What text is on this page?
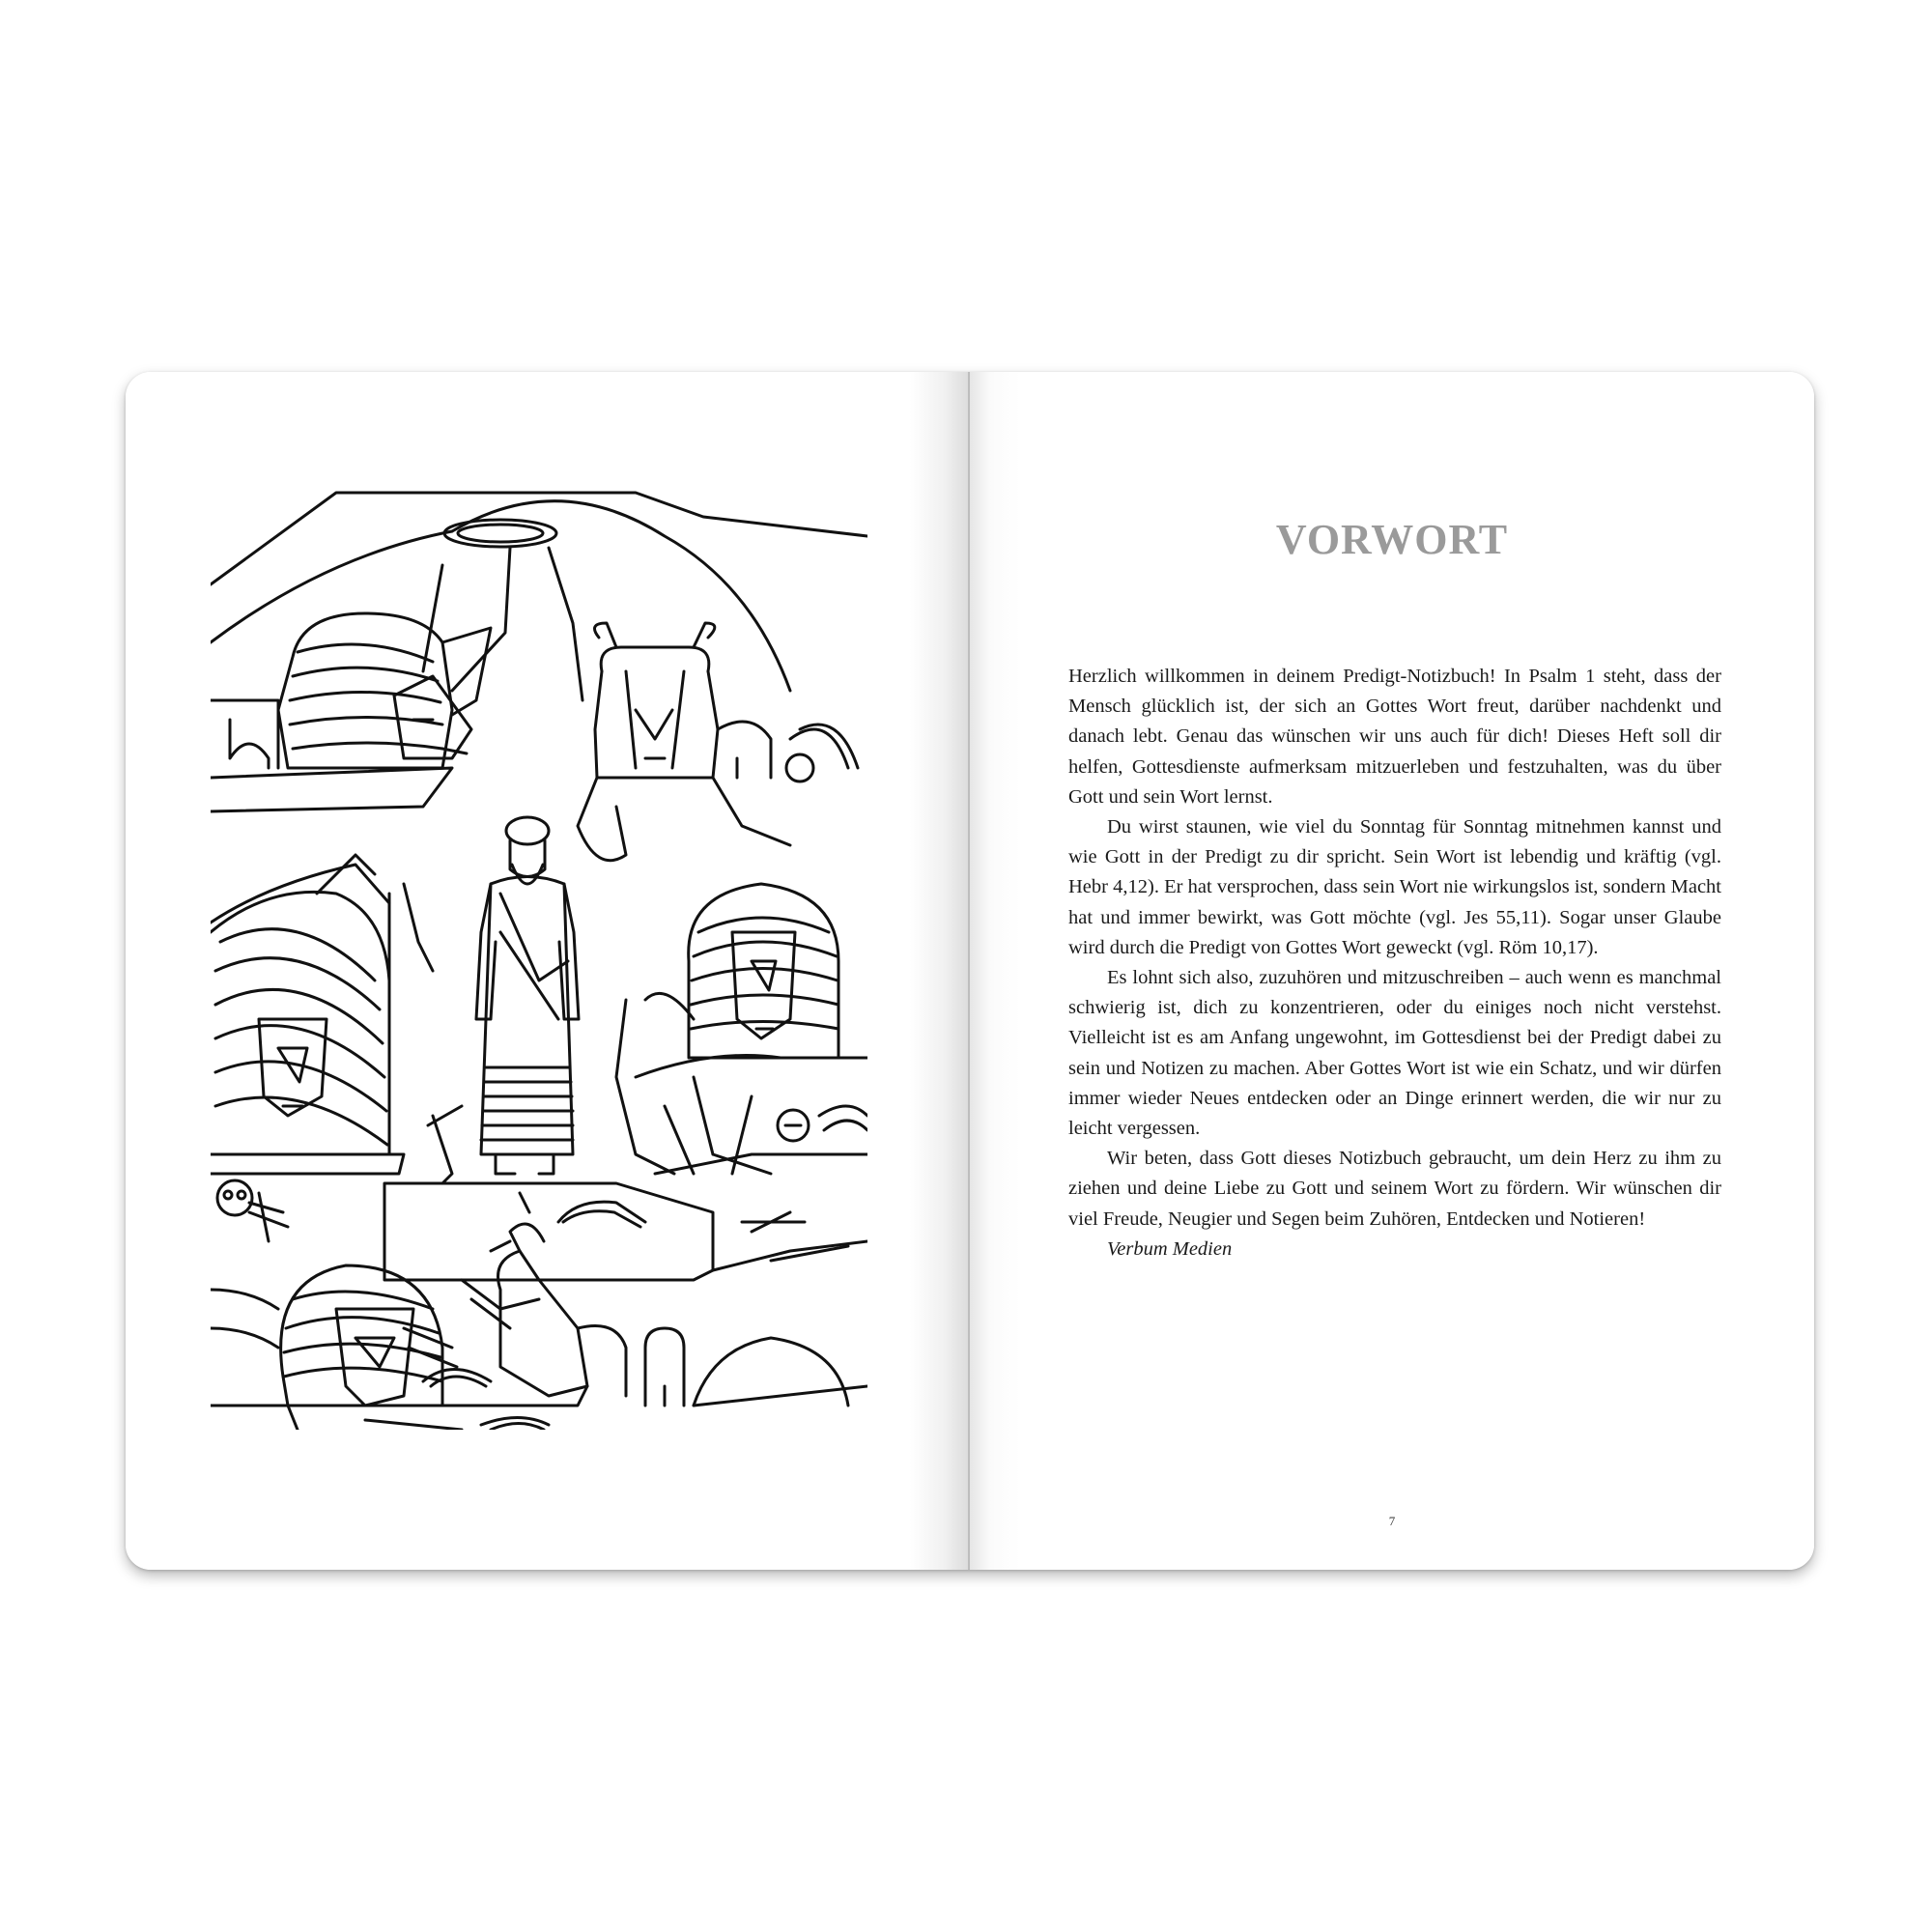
VORWORT

Herzlich willkommen in deinem Predigt-Notizbuch! In Psalm 1 steht, dass der Mensch glücklich ist, der sich an Gottes Wort freut, darüber nachdenkt und danach lebt. Genau das wünschen wir uns auch für dich! Dieses Heft soll dir helfen, Gottesdienste aufmerksam mitzuerleben und festzuhalten, was du über Gott und sein Wort lernst.

Du wirst staunen, wie viel du Sonntag für Sonntag mitnehmen kannst und wie Gott in der Predigt zu dir spricht. Sein Wort ist lebendig und kräftig (vgl. Hebr 4,12). Er hat versprochen, dass sein Wort nie wirkungslos ist, sondern Macht hat und immer bewirkt, was Gott möchte (vgl. Jes 55,11). Sogar unser Glaube wird durch die Predigt von Gottes Wort geweckt (vgl. Röm 10,17).

Es lohnt sich also, zuzuhören und mitzuschreiben – auch wenn es manchmal schwierig ist, dich zu konzentrieren, oder du einiges noch nicht verstehst. Vielleicht ist es am Anfang ungewohnt, im Gottesdienst bei der Predigt dabei zu sein und Notizen zu machen. Aber Gottes Wort ist wie ein Schatz, und wir dürfen immer wieder Neues entdecken oder an Dinge erinnert werden, die wir nur zu leicht vergessen.

Wir beten, dass Gott dieses Notizbuch gebraucht, um dein Herz zu ihm zu ziehen und deine Liebe zu Gott und seinem Wort zu fördern. Wir wünschen dir viel Freude, Neugier und Segen beim Zuhören, Entdecken und Notieren!

Verbum Medien

7
